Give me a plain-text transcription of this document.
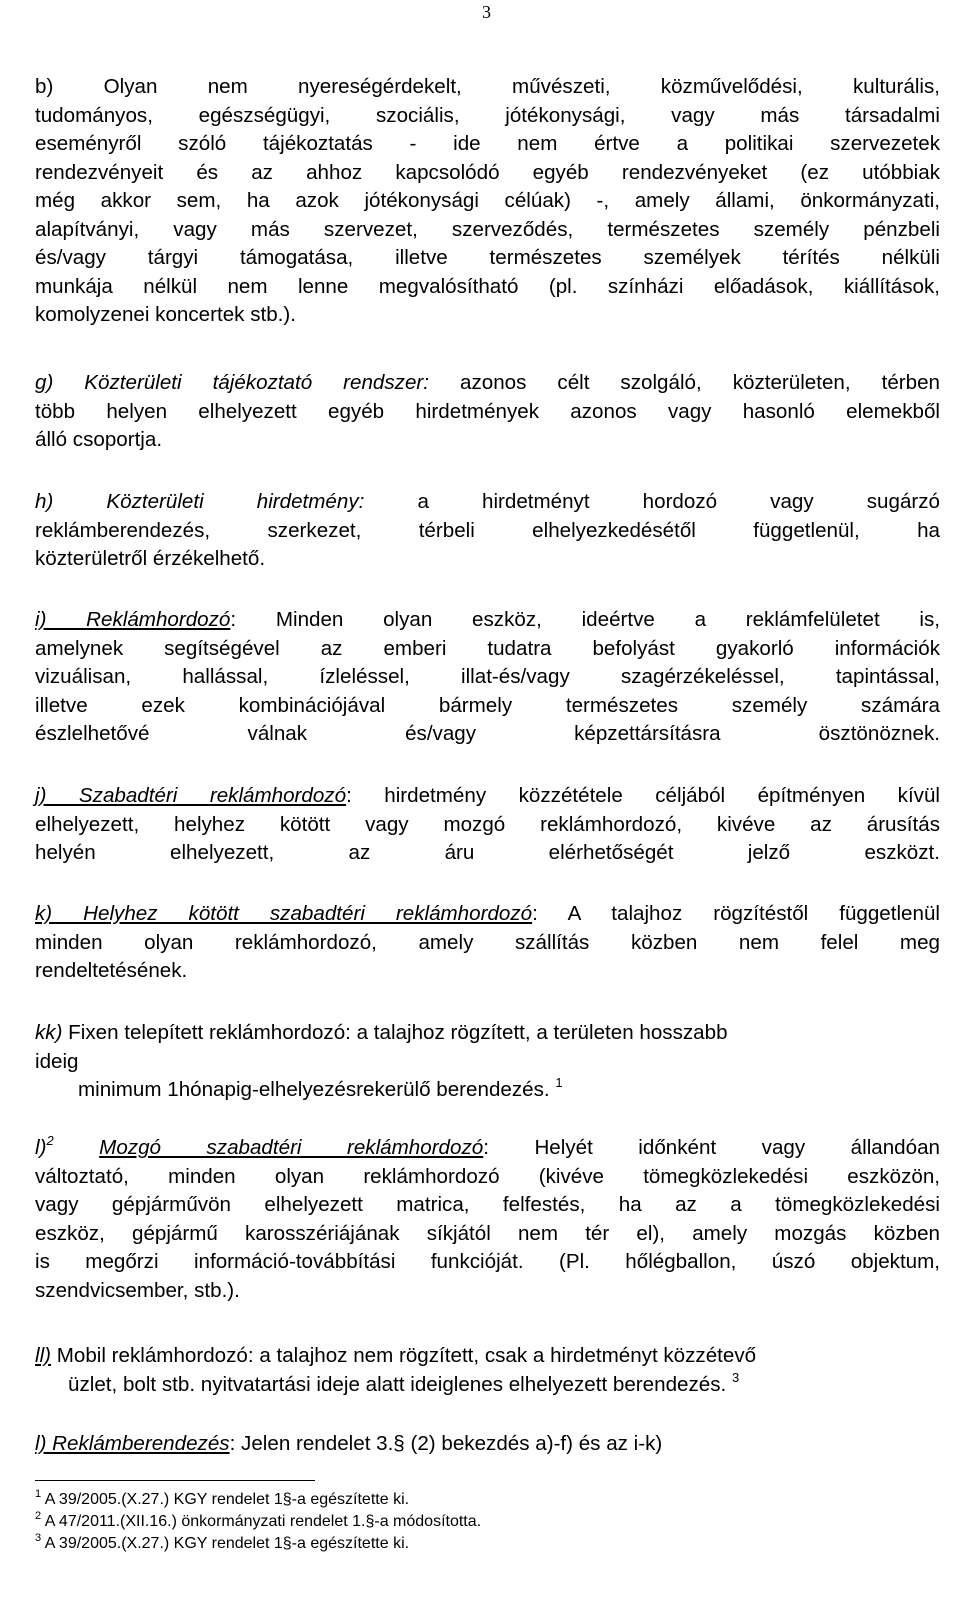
3
b) Olyan nem nyereségérdekelt, művészeti, közművelődési, kulturális,
tudományos, egészségügyi, szociális, jótékonysági, vagy más társadalmi
eseményről szóló tájékoztatás - ide nem értve a politikai szervezetek
rendezvényeit és az ahhoz kapcsolódó egyéb rendezvényeket (ez utóbbiak
még akkor sem, ha azok jótékonysági célúak) -, amely állami, önkormányzati,
alapítványi, vagy más szervezet, szerveződés, természetes személy pénzbeli
és/vagy tárgyi támogatása, illetve természetes személyek térítés nélküli
munkája nélkül nem lenne megvalósítható (pl. színházi előadások, kiállítások,
komolyzenei koncertek stb.).
g) Közterületi tájékoztató rendszer: azonos célt szolgáló, közterületen, térben
több helyen elhelyezett egyéb hirdetmények azonos vagy hasonló elemekből
álló csoportja.
h) Közterületi hirdetmény: a hirdetményt hordozó vagy sugárzó
reklámberendezés, szerkezet, térbeli elhelyezkedésétől függetlenül, ha
közterületről érzékelhető.
i) Reklámhordozó: Minden olyan eszköz, ideértve a reklámfelületet is,
amelynek segítségével az emberi tudatra befolyást gyakorló információk
vizuálisan, hallással, ízleléssel, illat-és/vagy szagérzékeléssel, tapintással,
illetve ezek kombinációjával bármely természetes személy számára
észlelhetővé válnak és/vagy képzettársításra ösztönöznek.
j) Szabadtéri reklámhordozó: hirdetmény közzététele céljából építményen kívül
elhelyezett, helyhez kötött vagy mozgó reklámhordozó, kivéve az árusítás
helyén elhelyezett, az áru elérhetőségét jelző eszközt.
k) Helyhez kötött szabadtéri reklámhordozó: A talajhoz rögzítéstől függetlenül
minden olyan reklámhordozó, amely szállítás közben nem felel meg
rendeltetésének.
kk) Fixen telepített reklámhordozó: a talajhoz rögzített, a területen hosszabb
ideig
minimum 1hónapig-elhelyezésrekerülő berendezés. $^1$
l)$^2$ Mozgó szabadtéri reklámhordozó: Helyét időnként vagy állandóan
változtató, minden olyan reklámhordozó (kivéve tömegközlekedési eszközön,
vagy gépjárművön elhelyezett matrica, felfestés, ha az a tömegközlekedési
eszköz, gépjármű karosszériájának síkjától nem tér el), amely mozgás közben
is megőrzi információ-továbbítási funkcióját. (Pl. hőlégballon, úszó objektum,
szendvicsember, stb.).
ll) Mobil reklámhordozó: a talajhoz nem rögzített, csak a hirdetményt közzétevő
üzlet, bolt stb. nyitvatartási ideje alatt ideiglenes elhelyezett berendezés. $^3$
l) Reklámberendezés: Jelen rendelet 3.§ (2) bekezdés a)-f) és az i-k)
$^1$ A 39/2005.(X.27.) KGY rendelet 1§-a egészítette ki.
$^2$ A 47/2011.(XII.16.) önkormányzati rendelet 1.§-a módosította.
$^3$ A 39/2005.(X.27.) KGY rendelet 1§-a egészítette ki.
